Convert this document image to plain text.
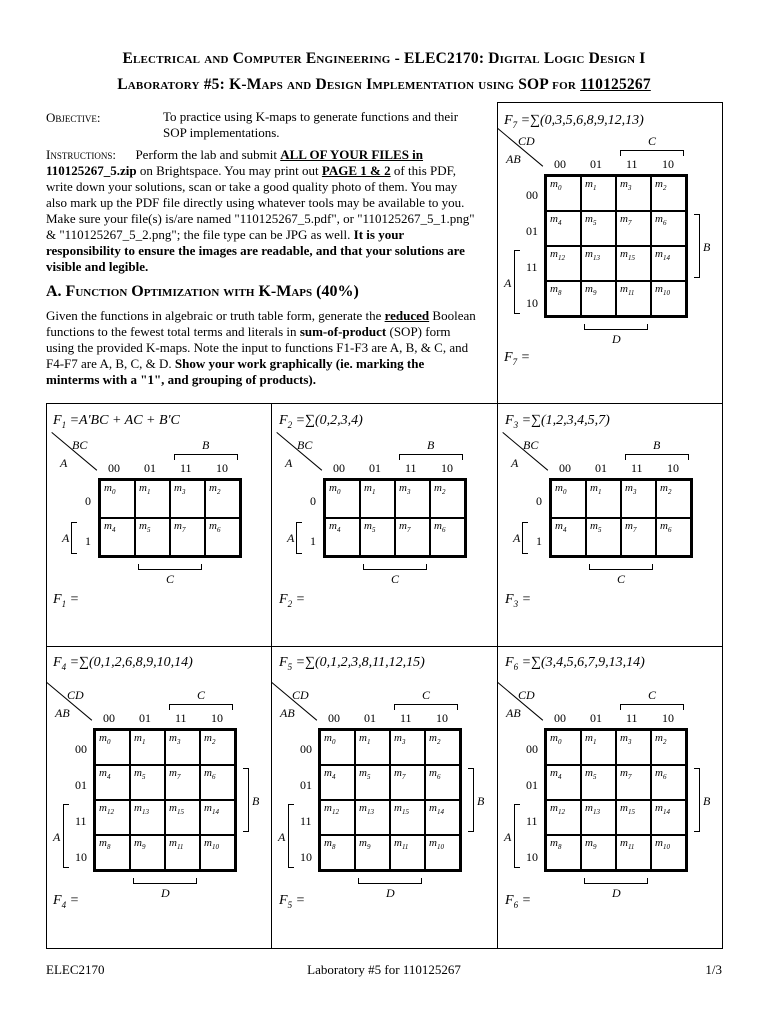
Electrical and Computer Engineering - ELEC2170: Digital Logic Design I
Laboratory #5: K-Maps and Design Implementation using SOP for 110125267
Objective:	To practice using K-maps to generate functions and their SOP implementations.
Instructions: Perform the lab and submit ALL OF YOUR FILES in 110125267_5.zip on Brightspace. You may print out PAGE 1 & 2 of this PDF, write down your solutions, scan or take a good quality photo of them. You may also mark up the PDF file directly using whatever tools may be available to you. Make sure your file(s) is/are named "110125267_5.pdf", or "110125267_5_1.png" & "110125267_5_2.png"; the file type can be JPG as well. It is your responsibility to ensure the images are readable, and that your solutions are visible and legible.
A. Function Optimization with K-Maps (40%)
Given the functions in algebraic or truth table form, generate the reduced Boolean functions to the fewest total terms and literals in sum-of-product (SOP) form using the provided K-maps. Note the input to functions F1-F3 are A, B, & C, and F4-F7 are A, B, C, & D. Show your work graphically (ie. marking the minterms with a "1", and grouping of products).
$F_7 =\sum(0,3,5,6,8,9,12,13)$
$F_1 =A'BC$ + AC + B'C	$F_2 =\sum(0,2,3,4)$	$F_3 =\sum(1,2,3,4,5,7)$
$F_4 =\sum(0,1,2,6,8,9,10,14)$	$F_5 =\sum(0,1,2,3,8,11,12,15)$	$F_6 =\sum(3,4,5,6,7,9,13,14)$
$F_7$ =
$F_1$ =	$F_2$ =	$F_3$ =
$F_4$ =	$F_5$ =	$F_6$ =
CD
AB	00 01 11 10
00
01
11
10
C
D
B
A
$m_0$	$m_1$	$m_3$	$m_2$
$m_4$	$m_5$	$m_7$	$m_6$
$m_{12}$	$m_{13}$	$m_{15}$	$m_{14}$
$m_8$	$m_9$	$m_{11}$	$m_{10}$
BC
A	00 01 11 10
0
1
B
C
A
$m_0$	$m_1$	$m_3$	$m_2$
$m_4$	$m_5$	$m_7$	$m_6$
BC
A	00 01 11 10
0
1
B
C
A
$m_0$	$m_1$	$m_3$	$m_2$
$m_4$	$m_5$	$m_7$	$m_6$
BC
A	00 01 11 10
0
1
B
C
A
$m_0$	$m_1$	$m_3$	$m_2$
$m_4$	$m_5$	$m_7$	$m_6$
CD
AB	00 01 11 10
00
01
11
10
C
D
B
A
$m_0$	$m_1$	$m_3$	$m_2$
$m_4$	$m_5$	$m_7$	$m_6$
$m_{12}$	$m_{13}$	$m_{15}$	$m_{14}$
$m_8$	$m_9$	$m_{11}$	$m_{10}$
CD
AB	00 01 11 10
00
01
11
10
C
D
B
A
$m_0$	$m_1$	$m_3$	$m_2$
$m_4$	$m_5$	$m_7$	$m_6$
$m_{12}$	$m_{13}$	$m_{15}$	$m_{14}$
$m_8$	$m_9$	$m_{11}$	$m_{10}$
CD
AB	00 01 11 10
00
01
11
10
C
D
B
A
$m_0$	$m_1$	$m_3$	$m_2$
$m_4$	$m_5$	$m_7$	$m_6$
$m_{12}$	$m_{13}$	$m_{15}$	$m_{14}$
$m_8$	$m_9$	$m_{11}$	$m_{10}$
ELEC2170	Laboratory #5 for 110125267	1/3
